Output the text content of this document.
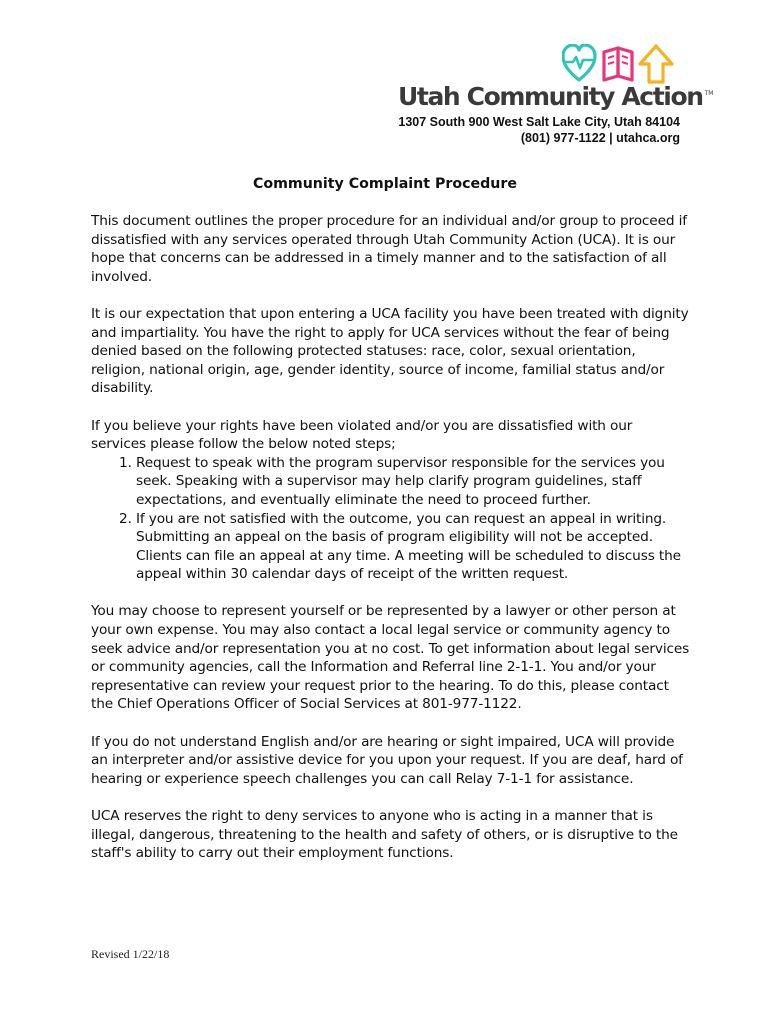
Utah Community Action ™
1307 South 900 West Salt Lake City, Utah 84104
(801) 977-1122 | utahca.org
Community Complaint Procedure

This document outlines the proper procedure for an individual and/or group to proceed if dissatisfied with any services operated through Utah Community Action (UCA). It is our hope that concerns can be addressed in a timely manner and to the satisfaction of all involved.

It is our expectation that upon entering a UCA facility you have been treated with dignity and impartiality. You have the right to apply for UCA services without the fear of being denied based on the following protected statuses: race, color, sexual orientation, religion, national origin, age, gender identity, source of income, familial status and/or disability.

If you believe your rights have been violated and/or you are dissatisfied with our services please follow the below noted steps;

1. Request to speak with the program supervisor responsible for the services you seek. Speaking with a supervisor may help clarify program guidelines, staff expectations, and eventually eliminate the need to proceed further.
2. If you are not satisfied with the outcome, you can request an appeal in writing. Submitting an appeal on the basis of program eligibility will not be accepted. Clients can file an appeal at any time. A meeting will be scheduled to discuss the appeal within 30 calendar days of receipt of the written request.

You may choose to represent yourself or be represented by a lawyer or other person at your own expense. You may also contact a local legal service or community agency to seek advice and/or representation you at no cost. To get information about legal services or community agencies, call the Information and Referral line 2-1-1. You and/or your representative can review your request prior to the hearing. To do this, please contact the Chief Operations Officer of Social Services at 801-977-1122.

If you do not understand English and/or are hearing or sight impaired, UCA will provide an interpreter and/or assistive device for you upon your request. If you are deaf, hard of hearing or experience speech challenges you can call Relay 7-1-1 for assistance.

UCA reserves the right to deny services to anyone who is acting in a manner that is illegal, dangerous, threatening to the health and safety of others, or is disruptive to the staff's ability to carry out their employment functions.

Revised 1/22/18
